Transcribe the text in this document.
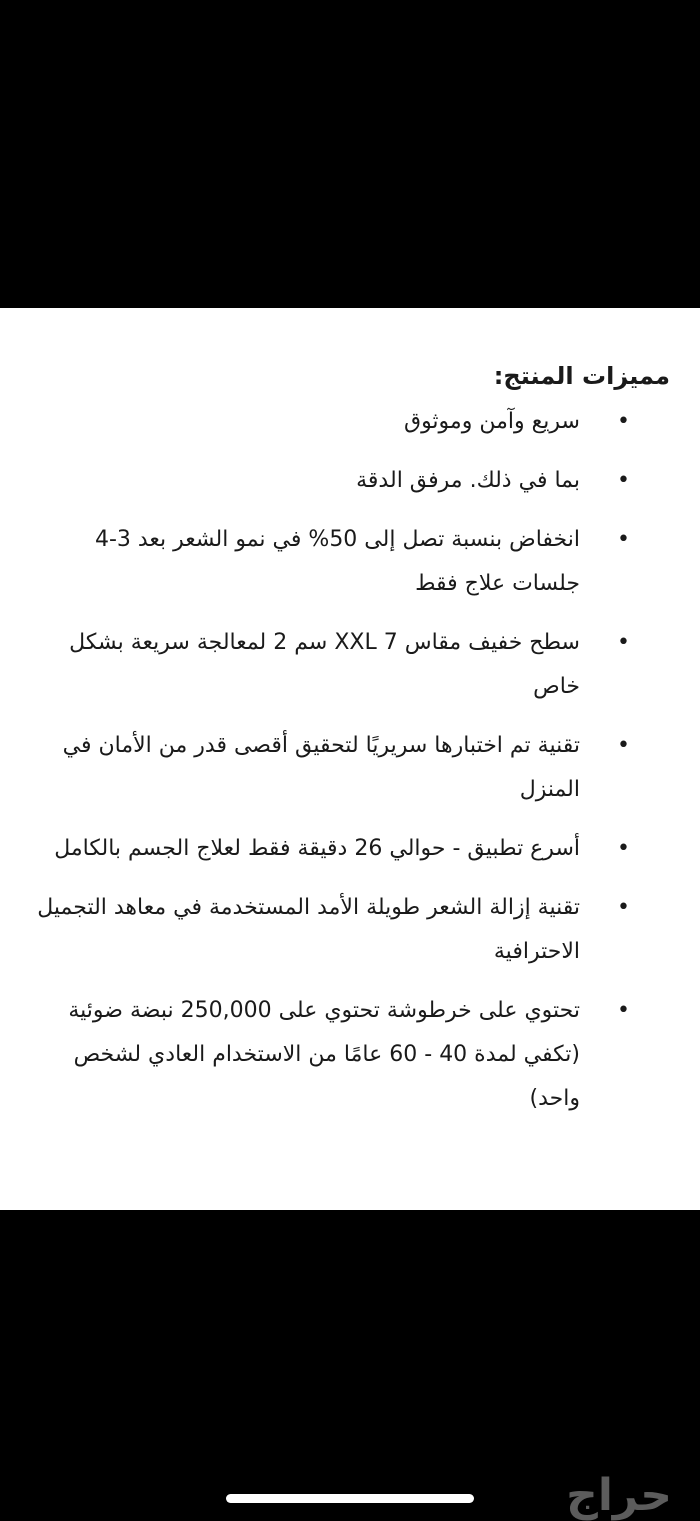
مميزات المنتج:
•
سريع وآمن وموثوق
•
بما في ذلك. مرفق الدقة
•
انخفاض بنسبة تصل إلى 50% في نمو الشعر بعد 3-4 جلسات علاج فقط
•
سطح خفيف مقاس XXL 7 سم 2 لمعالجة سريعة بشكل خاص
•
تقنية تم اختبارها سريريًا لتحقيق أقصى قدر من الأمان في المنزل
•
أسرع تطبيق - حوالي 26 دقيقة فقط لعلاج الجسم بالكامل
•
تقنية إزالة الشعر طويلة الأمد المستخدمة في معاهد التجميل الاحترافية
•
تحتوي على خرطوشة تحتوي على 250,000 نبضة ضوئية (تكفي لمدة 40 - 60 عامًا من الاستخدام العادي لشخص واحد)
حراج
